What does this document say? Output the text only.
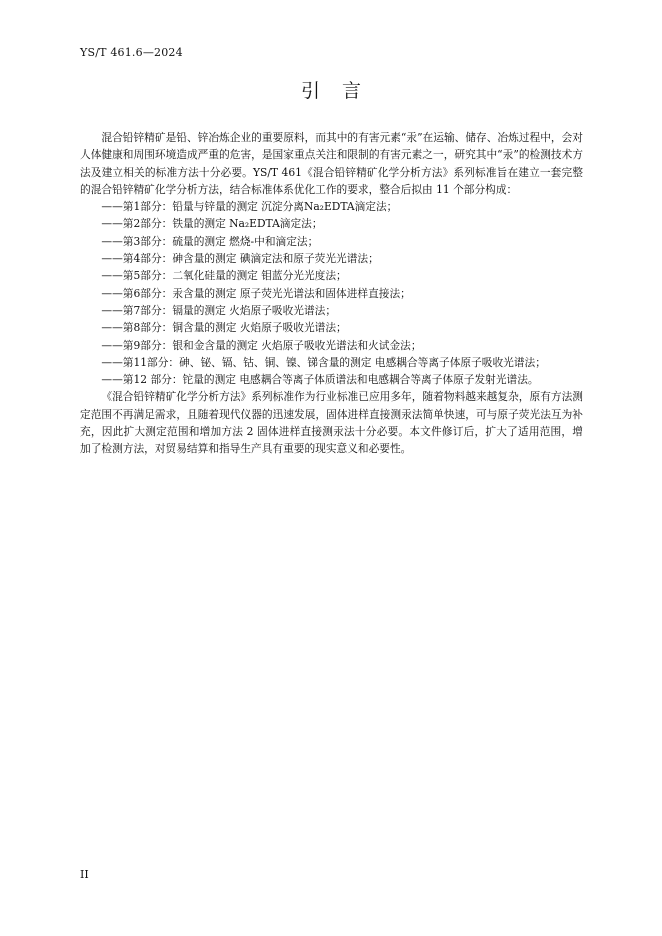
YS/T 461.6—2024
引言

混合铅锌精矿是铅、锌冶炼企业的重要原料，而其中的有害元素“汞”在运输、储存、冶炼过程中，会对人体健康和周围环境造成严重的危害，是国家重点关注和限制的有害元素之一，研究其中“汞”的检测技术方法及建立相关的标准方法十分必要。YS/T 461《混合铅锌精矿化学分析方法》系列标准旨在建立一套完整的混合铅锌精矿化学分析方法，结合标准体系优化工作的要求，整合后拟由 11 个部分构成：

——第1部分：铅量与锌量的测定 沉淀分离Na₂EDTA滴定法；
——第2部分：铁量的测定 Na₂EDTA滴定法；
——第3部分：硫量的测定 燃烧-中和滴定法；
——第4部分：砷含量的测定 碘滴定法和原子荧光光谱法；
——第5部分：二氧化硅量的测定 钼蓝分光光度法；
——第6部分：汞含量的测定 原子荧光光谱法和固体进样直接法；
——第7部分：镉量的测定 火焰原子吸收光谱法；
——第8部分：铜含量的测定 火焰原子吸收光谱法；
——第9部分：银和金含量的测定 火焰原子吸收光谱法和火试金法；
——第11部分：砷、铋、镉、钴、铜、镍、锑含量的测定 电感耦合等离子体原子吸收光谱法；
——第12 部分：铊量的测定 电感耦合等离子体质谱法和电感耦合等离子体原子发射光谱法。

《混合铅锌精矿化学分析方法》系列标准作为行业标准已应用多年，随着物料越来越复杂，原有方法测定范围不再满足需求，且随着现代仪器的迅速发展，固体进样直接测汞法简单快速，可与原子荧光法互为补充，因此扩大测定范围和增加方法 2 固体进样直接测汞法十分必要。本文件修订后，扩大了适用范围，增加了检测方法，对贸易结算和指导生产具有重要的现实意义和必要性。

II
